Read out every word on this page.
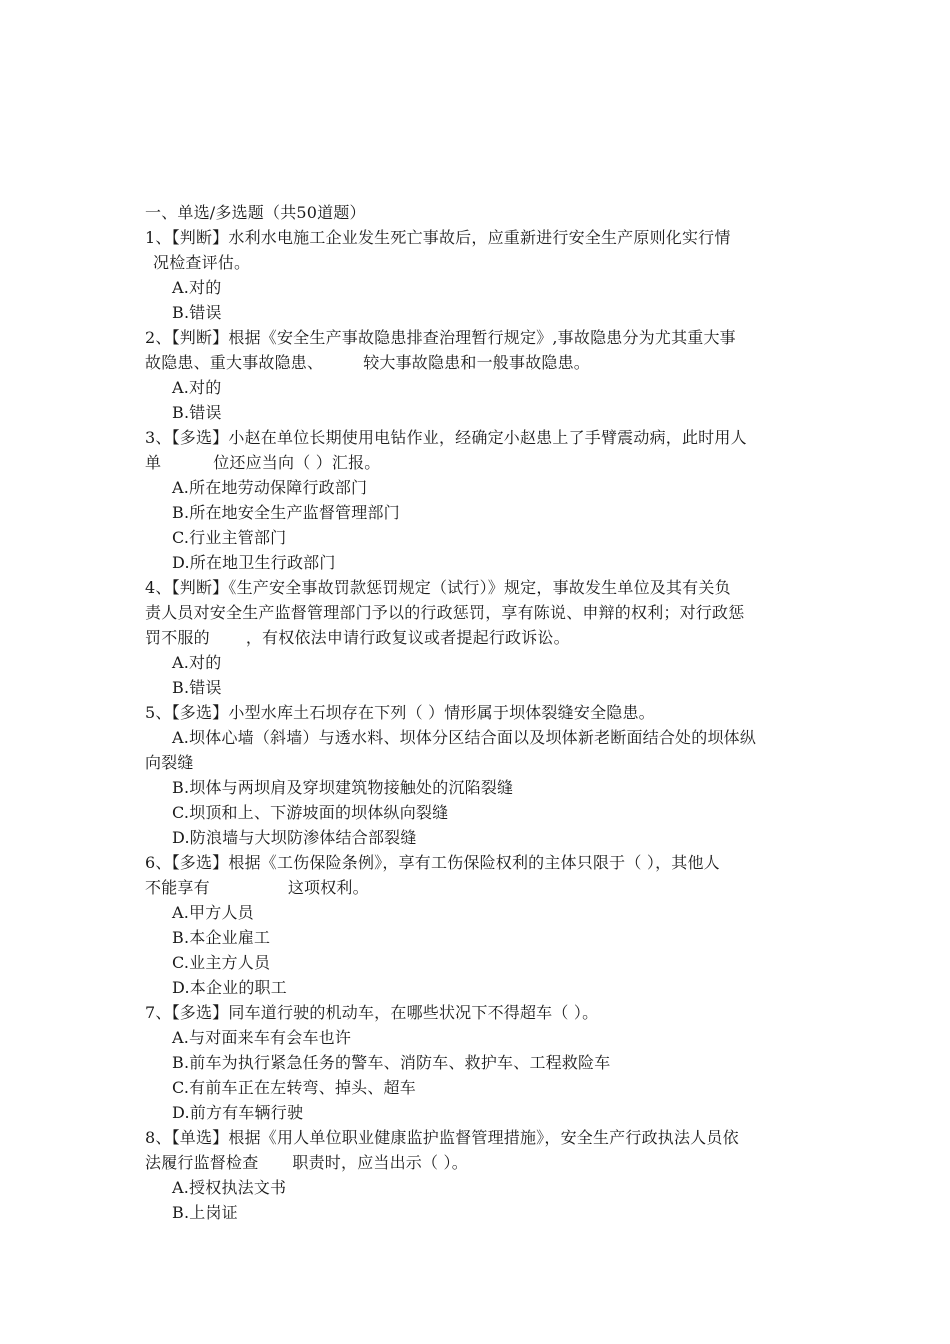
一、单选/多选题（共50道题）
1、【判断】水利水电施工企业发生死亡事故后，应重新进行安全生产原则化实行情
况检查评估。
A.对的
B.错误
2、【判断】根据《安全生产事故隐患排查治理暂行规定》,事故隐患分为尤其重大事
故隐患、重大事故隐患、	较大事故隐患和一般事故隐患。
A.对的
B.错误
3、【多选】小赵在单位长期使用电钻作业，经确定小赵患上了手臂震动病，此时用人
单	位还应当向（ ）汇报。
A.所在地劳动保障行政部门
B.所在地安全生产监督管理部门
C.行业主管部门
D.所在地卫生行政部门
4、【判断】《生产安全事故罚款惩罚规定（试行）》规定，事故发生单位及其有关负
责人员对安全生产监督管理部门予以的行政惩罚，享有陈说、申辩的权利；对行政惩
罚不服的 ，有权依法申请行政复议或者提起行政诉讼。
A.对的
B.错误
5、【多选】小型水库土石坝存在下列（ ）情形属于坝体裂缝安全隐患。
A.坝体心墙（斜墙）与透水料、坝体分区结合面以及坝体新老断面结合处的坝体纵
向裂缝
B.坝体与两坝肩及穿坝建筑物接触处的沉陷裂缝
C.坝顶和上、下游坡面的坝体纵向裂缝
D.防浪墙与大坝防渗体结合部裂缝
6、【多选】根据《工伤保险条例》，享有工伤保险权利的主体只限于（ ），其他人
不能享有	这项权利。
A.甲方人员
B.本企业雇工
C.业主方人员
D.本企业的职工
7、【多选】同车道行驶的机动车，在哪些状况下不得超车（ ）。
A.与对面来车有会车也许
B.前车为执行紧急任务的警车、消防车、救护车、工程救险车
C.有前车正在左转弯、掉头、超车
D.前方有车辆行驶
8、【单选】根据《用人单位职业健康监护监督管理措施》，安全生产行政执法人员依
法履行监督检查 职责时，应当出示（ ）。
A.授权执法文书
B.上岗证
